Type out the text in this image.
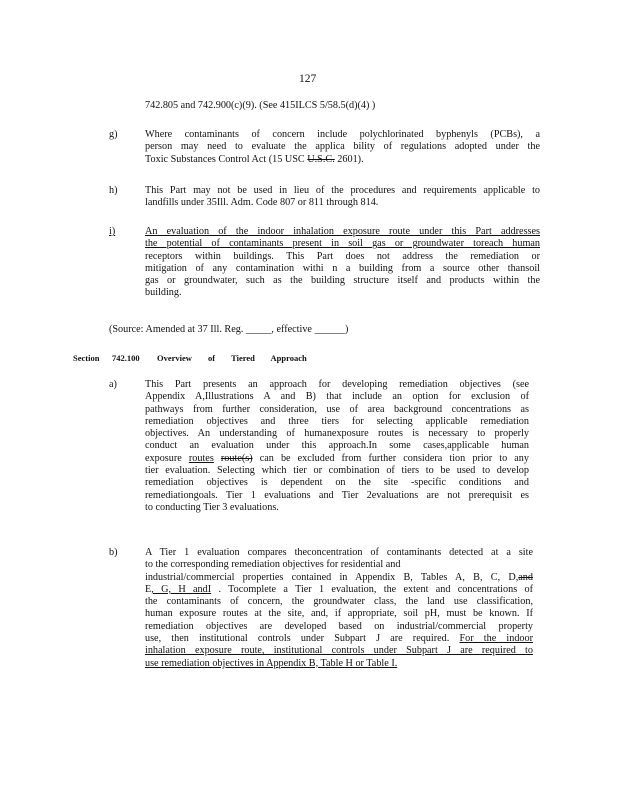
127
742.805 and 742.900(c)(9). (See 415ILCS 5/58.5(d)(4) )
g)	Where contaminants of concern include polychlorinated byphenyls (PCBs), a
person may need to evaluate the applica bility of regulations adopted under the
Toxic Substances Control Act (15 USC U.S.C. 2601).
h)	This Part may not be used in lieu of the procedures and requirements applicable to
landfills under 35Ill. Adm. Code 807 or 811 through 814.
i)	An evaluation of the indoor inhalation exposure route under this Part addresses
the potential of contaminants present in soil gas or groundwater toreach human
receptors within buildings. This Part does not address the remediation or
mitigation of any contamination withi n a building from a source other thansoil
gas or groundwater, such as the building structure itself and products within the
building.
(Source: Amended at 37 Ill. Reg. _____, effective ______)
Section 742.100 Overview of Tiered Approach
a)	This Part presents an approach for developing remediation objectives (see
Appendix A,Illustrations A and B) that include an option for exclusion of
pathways from further consideration, use of area background concentrations as
remediation objectives and three tiers for selecting applicable remediation
objectives. An understanding of humanexposure routes is necessary to properly
conduct an evaluation under this approach.In some cases,applicable human
exposure routes route(s) can be excluded from further considera tion prior to any
tier evaluation. Selecting which tier or combination of tiers to be used to develop
remediation objectives is dependent on the site -specific conditions and
remediationgoals. Tier 1 evaluations and Tier 2evaluations are not prerequisit es
to conducting Tier 3 evaluations.
b)	A Tier 1 evaluation compares theconcentration of contaminants detected at a site
to the corresponding remediation objectives for residential and
industrial/commercial properties contained in Appendix B, Tables A, B, C, D,and
E, G, H andI . Tocomplete a Tier 1 evaluation, the extent and concentrations of
the contaminants of concern, the groundwater class, the land use classification,
human exposure routes at the site, and, if appropriate, soil pH, must be known. If
remediation objectives are developed based on industrial/commercial property
use, then institutional controls under Subpart J are required. For the indoor
inhalation exposure route, institutional controls under Subpart J are required to
use remediation objectives in Appendix B, Table H or Table I.
